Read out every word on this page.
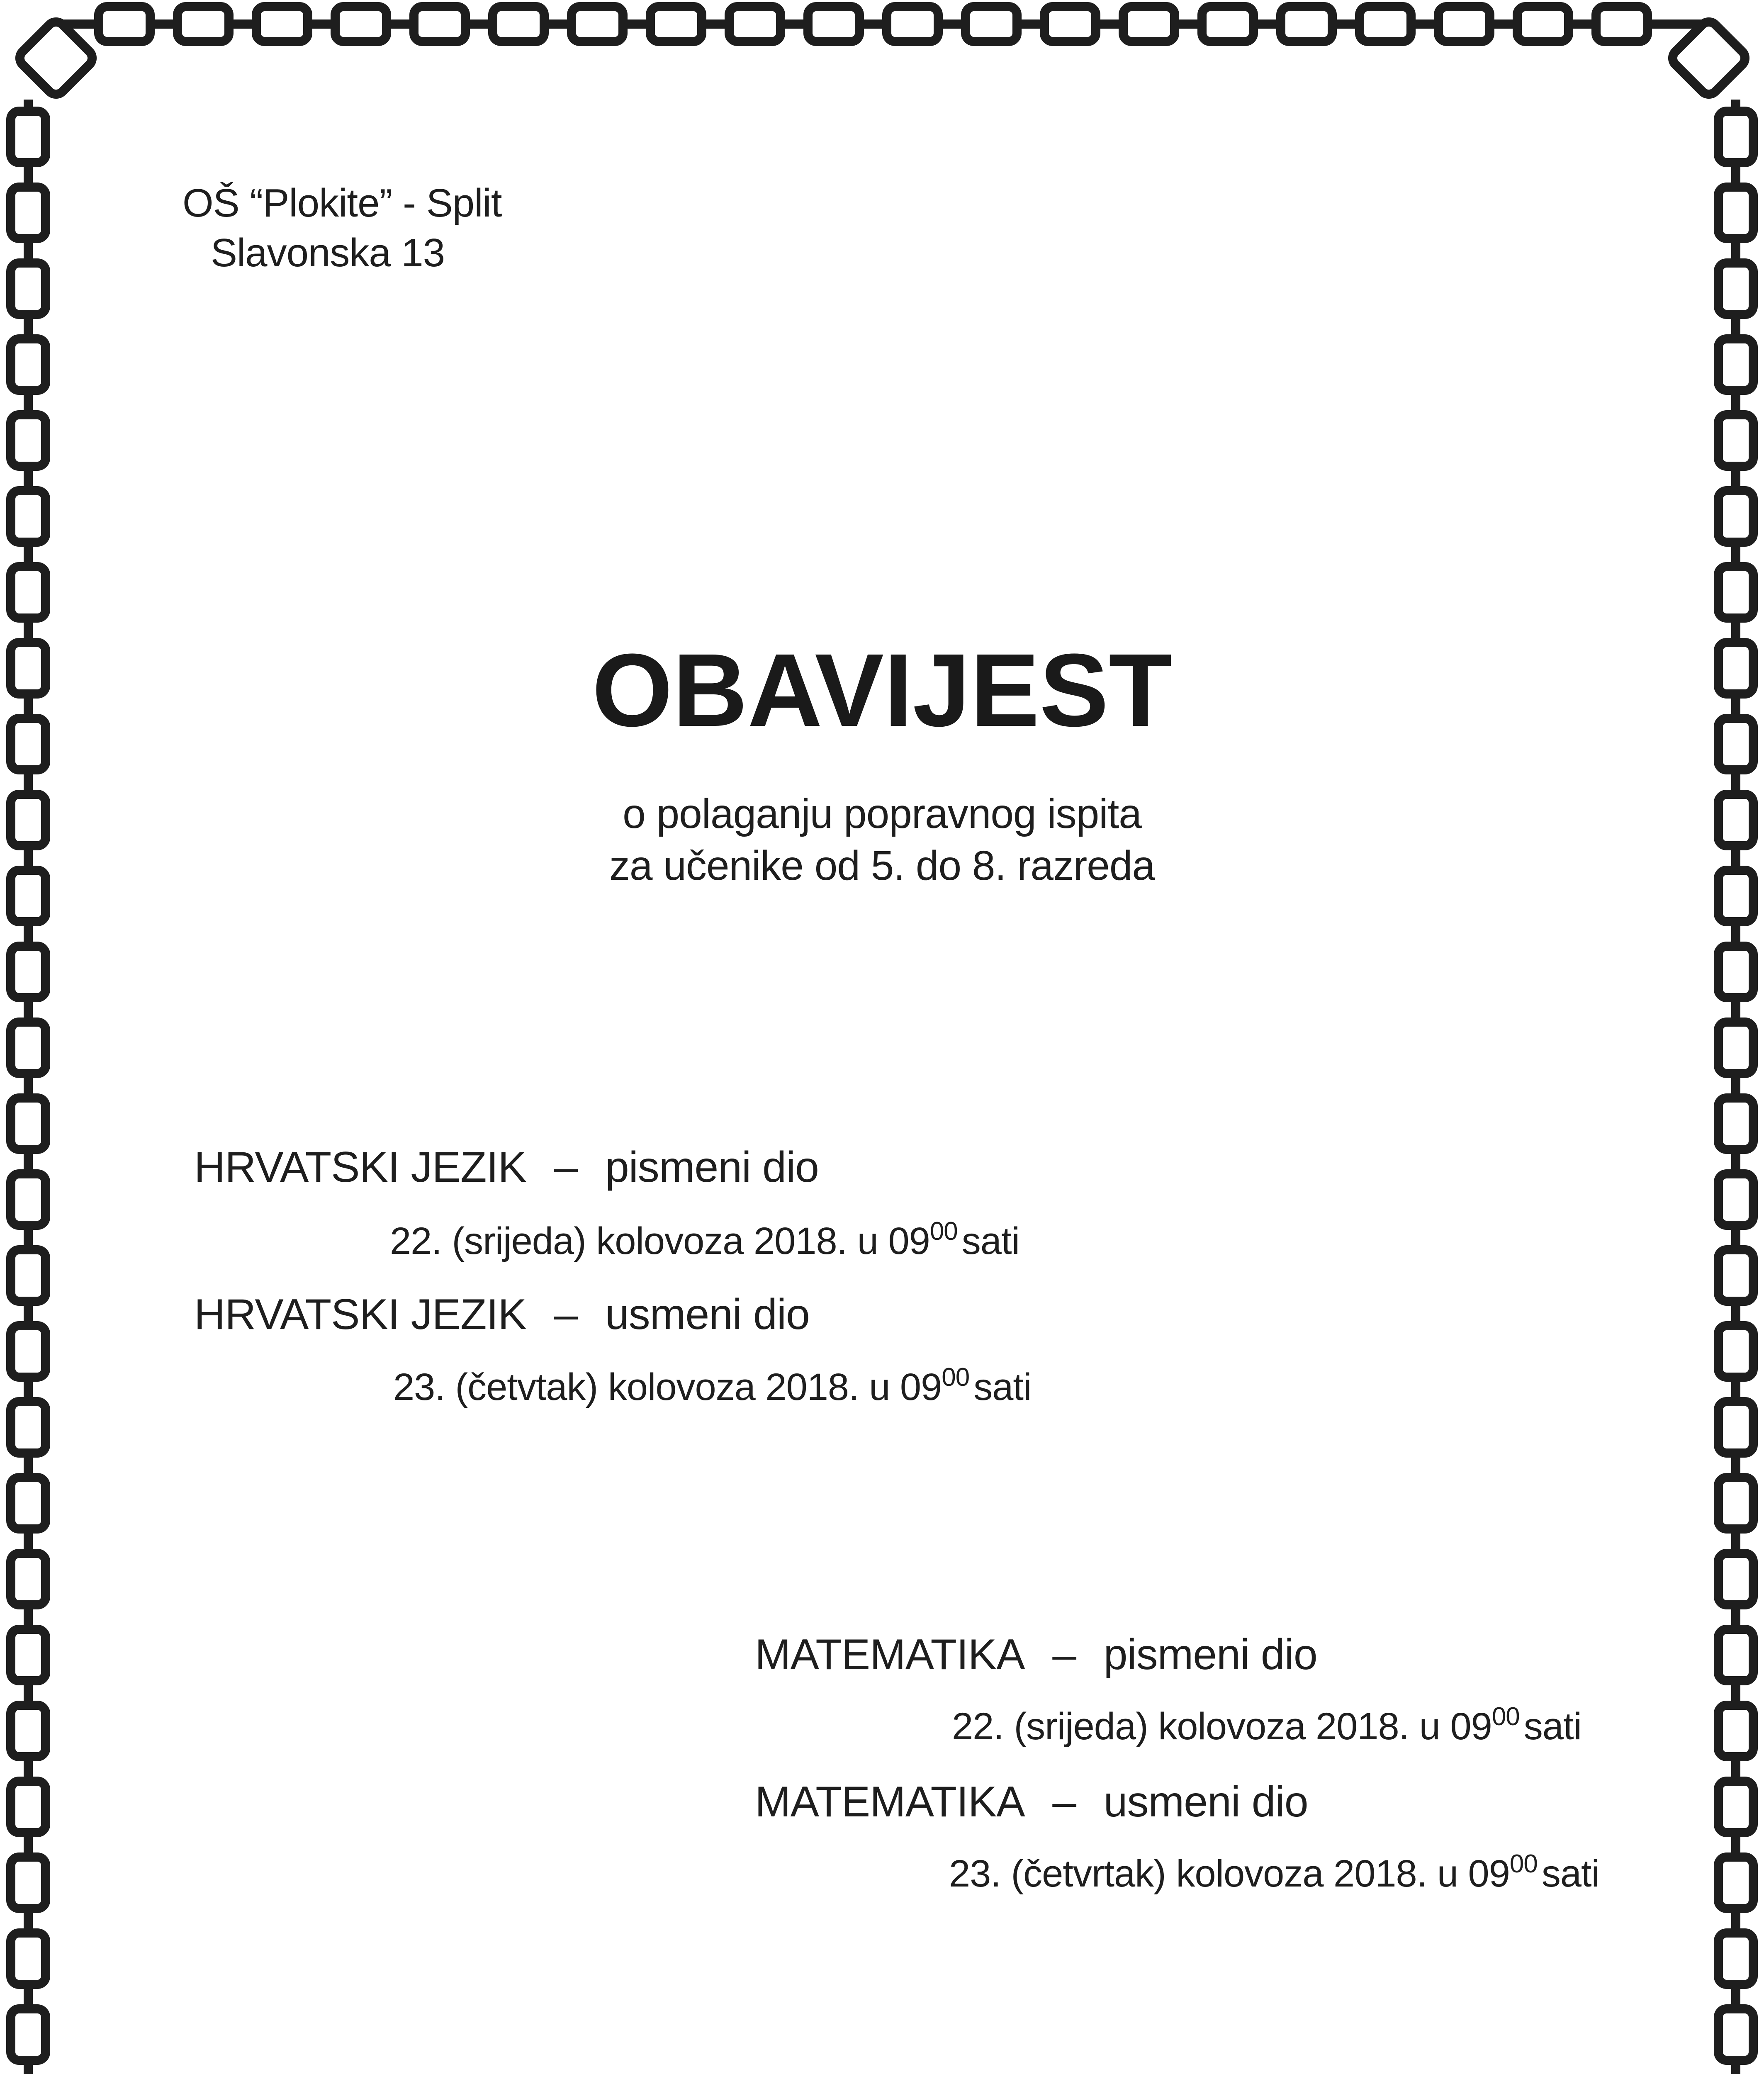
OŠ “Plokite” - Split
Slavonska 13
OBAVIJEST
o polaganju popravnog ispita
za učenike od 5. do 8. razreda
HRVATSKI JEZIK – pismeni dio
22. (srijeda) kolovoza 2018. u $09^{00}$ sati
HRVATSKI JEZIK – usmeni dio
23. (četvtak) kolovoza 2018. u $09^{00}$ sati
MATEMATIKA – pismeni dio
22. (srijeda) kolovoza 2018. u $09^{00}$ sati
MATEMATIKA – usmeni dio
23. (četvrtak) kolovoza 2018. u $09^{00}$ sati
